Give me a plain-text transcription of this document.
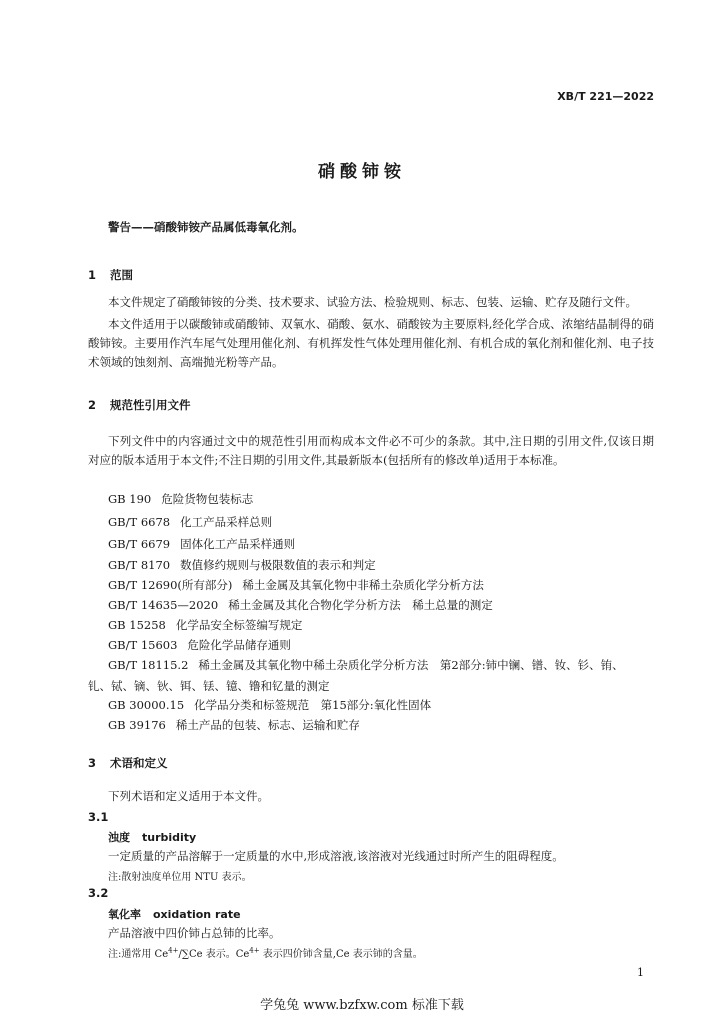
XB/T 221—2022
硝酸铈铵
警告——硝酸铈铵产品属低毒氧化剂。
1 范围
本文件规定了硝酸铈铵的分类、技术要求、试验方法、检验规则、标志、包装、运输、贮存及随行文件。
本文件适用于以碳酸铈或硝酸铈、双氧水、硝酸、氨水、硝酸铵为主要原料,经化学合成、浓缩结晶制得的硝酸铈铵。主要用作汽车尾气处理用催化剂、有机挥发性气体处理用催化剂、有机合成的氧化剂和催化剂、电子技术领域的蚀刻剂、高端抛光粉等产品。
2 规范性引用文件
下列文件中的内容通过文中的规范性引用而构成本文件必不可少的条款。其中,注日期的引用文件,仅该日期对应的版本适用于本文件;不注日期的引用文件,其最新版本(包括所有的修改单)适用于本标准。
GB 190 危险货物包装标志
GB/T 6678 化工产品采样总则
GB/T 6679 固体化工产品采样通则
GB/T 8170 数值修约规则与极限数值的表示和判定
GB/T 12690(所有部分) 稀土金属及其氧化物中非稀土杂质化学分析方法
GB/T 14635—2020 稀土金属及其化合物化学分析方法　稀土总量的测定
GB 15258 化学品安全标签编写规定
GB/T 15603 危险化学品储存通则
GB/T 18115.2 稀土金属及其氧化物中稀土杂质化学分析方法　第2部分:铈中镧、镨、钕、钐、铕、
钆、铽、镝、钬、铒、铥、镱、镥和钇量的测定
GB 30000.15 化学品分类和标签规范　第15部分:氧化性固体
GB 39176 稀土产品的包装、标志、运输和贮存
3 术语和定义
下列术语和定义适用于本文件。
3.1
浊度 turbidity
一定质量的产品溶解于一定质量的水中,形成溶液,该溶液对光线通过时所产生的阻碍程度。
注:散射浊度单位用 NTU 表示。
3.2
氧化率 oxidation rate
产品溶液中四价铈占总铈的比率。
注:通常用 $Ce^{4+}/\sum Ce$ 表示。$Ce^{4+}$ 表示四价铈含量,Ce 表示铈的含量。
1
学兔兔 www.bzfxw.com 标准下载
